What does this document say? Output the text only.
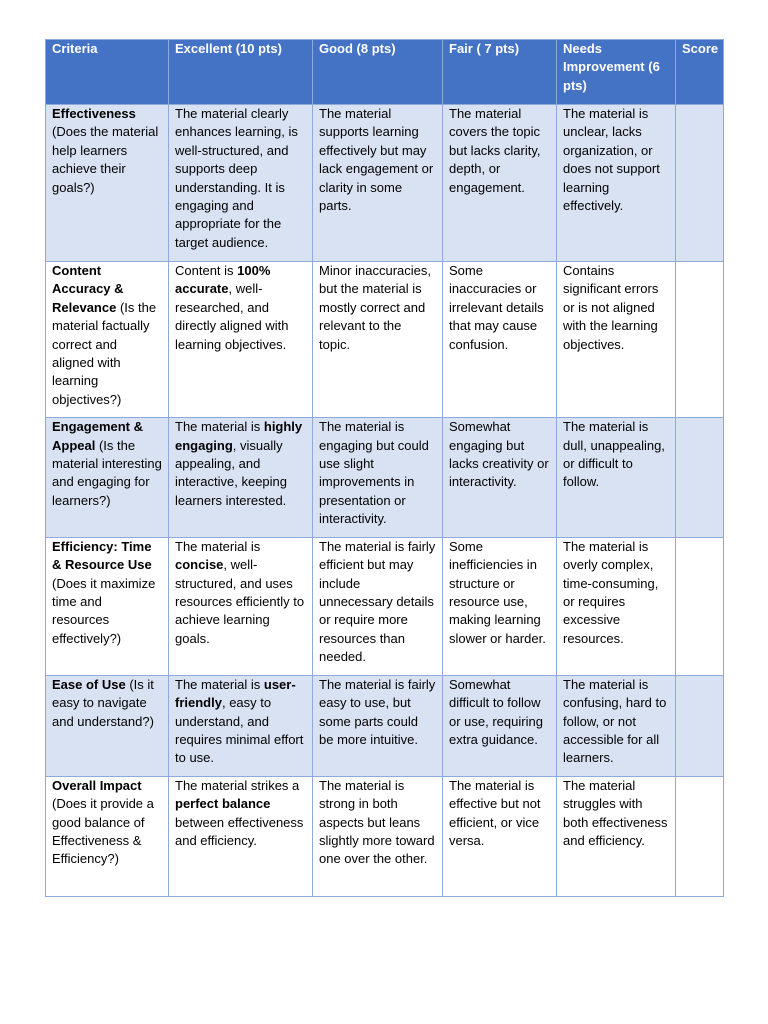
Criteria	Excellent (10 pts)	Good (8 pts)	Fair ( 7 pts)	Needs Improvement (6 pts)	Score
Effectiveness (Does the material help learners achieve their goals?)	The material clearly enhances learning, is well-structured, and supports deep understanding. It is engaging and appropriate for the target audience.	The material supports learning effectively but may lack engagement or clarity in some parts.	The material covers the topic but lacks clarity, depth, or engagement.	The material is unclear, lacks organization, or does not support learning effectively.	
Content Accuracy & Relevance (Is the material factually correct and aligned with learning objectives?)	Content is 100% accurate, well-researched, and directly aligned with learning objectives.	Minor inaccuracies, but the material is mostly correct and relevant to the topic.	Some inaccuracies or irrelevant details that may cause confusion.	Contains significant errors or is not aligned with the learning objectives.	
Engagement & Appeal (Is the material interesting and engaging for learners?)	The material is highly engaging, visually appealing, and interactive, keeping learners interested.	The material is engaging but could use slight improvements in presentation or interactivity.	Somewhat engaging but lacks creativity or interactivity.	The material is dull, unappealing, or difficult to follow.	
Efficiency: Time & Resource Use (Does it maximize time and resources effectively?)	The material is concise, well-structured, and uses resources efficiently to achieve learning goals.	The material is fairly efficient but may include unnecessary details or require more resources than needed.	Some inefficiencies in structure or resource use, making learning slower or harder.	The material is overly complex, time-consuming, or requires excessive resources.	
Ease of Use (Is it easy to navigate and understand?)	The material is user-friendly, easy to understand, and requires minimal effort to use.	The material is fairly easy to use, but some parts could be more intuitive.	Somewhat difficult to follow or use, requiring extra guidance.	The material is confusing, hard to follow, or not accessible for all learners.	
Overall Impact (Does it provide a good balance of Effectiveness & Efficiency?)	The material strikes a perfect balance between effectiveness and efficiency.	The material is strong in both aspects but leans slightly more toward one over the other.	The material is effective but not efficient, or vice versa.	The material struggles with both effectiveness and efficiency.	
